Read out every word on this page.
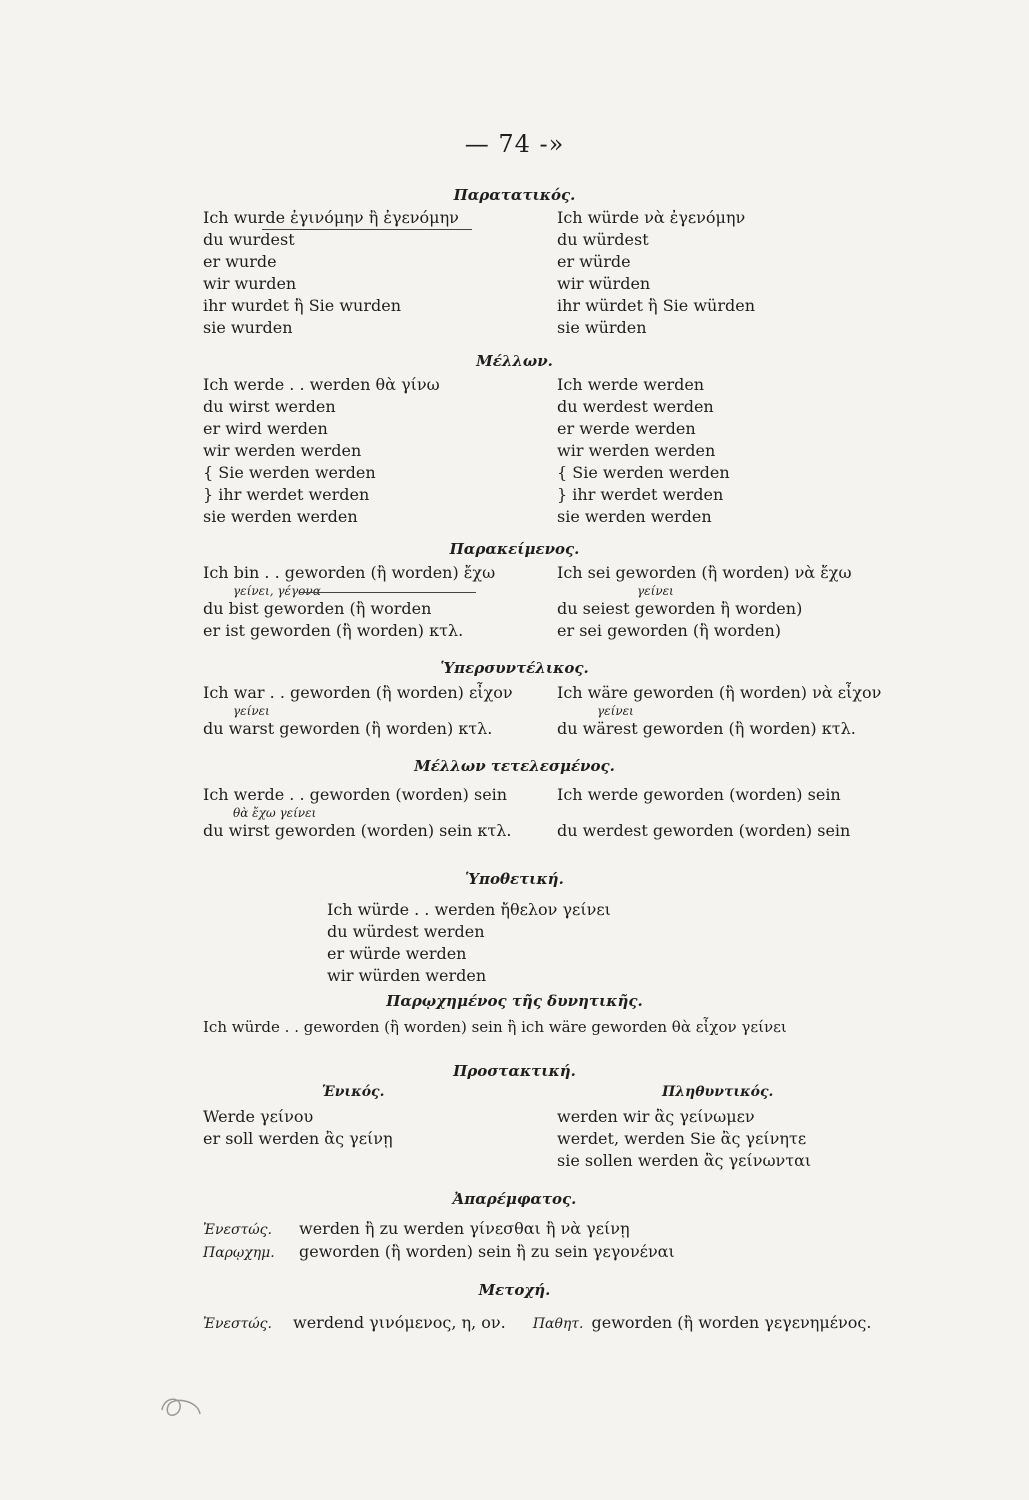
— 74 -»
Παρατατικός.
Ich wurde ἐγινόμην ἢ ἐγενόμην
du wurdest
er wurde
wir wurden
ihr wurdet ἢ Sie wurden
sie wurden
Ich würde νὰ ἐγενόμην
du würdest
er würde
wir würden
ihr würdet ἢ Sie würden
sie würden
Μέλλων.
Ich werde . . werden θὰ γίνω
du wirst werden
er wird werden
wir werden werden
{ Sie werden werden
} ihr werdet werden
sie werden werden
Ich werde werden
du werdest werden
er werde werden
wir werden werden
{ Sie werden werden
} ihr werdet werden
sie werden werden
Παρακείμενος.
Ich bin . . geworden (ἢ worden) ἔχω
γείνει, γέγονα
du bist geworden (ἢ worden
er ist geworden (ἢ worden) κτλ.
Ich sei geworden (ἢ worden) νὰ ἔχω
γείνει
du seiest geworden ἢ worden)
er sei geworden (ἢ worden)
Ὑπερσυντέλικος.
Ich war . . geworden (ἢ worden) εἶχον
γείνει
du warst geworden (ἢ worden) κτλ.
Ich wäre geworden (ἢ worden) νὰ εἶχον
γείνει
du wärest geworden (ἢ worden) κτλ.
Μέλλων τετελεσμένος.
Ich werde . . geworden (worden) sein
θὰ ἔχω γείνει
du wirst geworden (worden) sein κτλ.
Ich werde geworden (worden) sein
du werdest geworden (worden) sein
Ὑποθετική.
Ich würde . . werden ἤθελον γείνει
du würdest werden
er würde werden
wir würden werden
Παρῳχημένος τῆς δυνητικῆς.
Ich würde . . geworden (ἢ worden) sein ἢ ich wäre geworden θὰ εἶχον γείνει
Προστακτική.
Ἑνικός.	Πληθυντικός.
Werde γείνου
er soll werden ἂς γείνῃ
werden wir ἂς γείνωμεν
werdet, werden Sie ἂς γείνητε
sie sollen werden ἂς γείνωνται
Ἀπαρέμφατος.
Ἐνεστώς. werden ἢ zu werden γίνεσθαι ἢ νὰ γείνῃ
Παρῳχημ. geworden (ἢ worden) sein ἢ zu sein γεγονέναι
Μετοχή.
Ἐνεστώς. werdend γινόμενος, η, ον. Παθητ. geworden (ἢ worden γεγενημένος.
